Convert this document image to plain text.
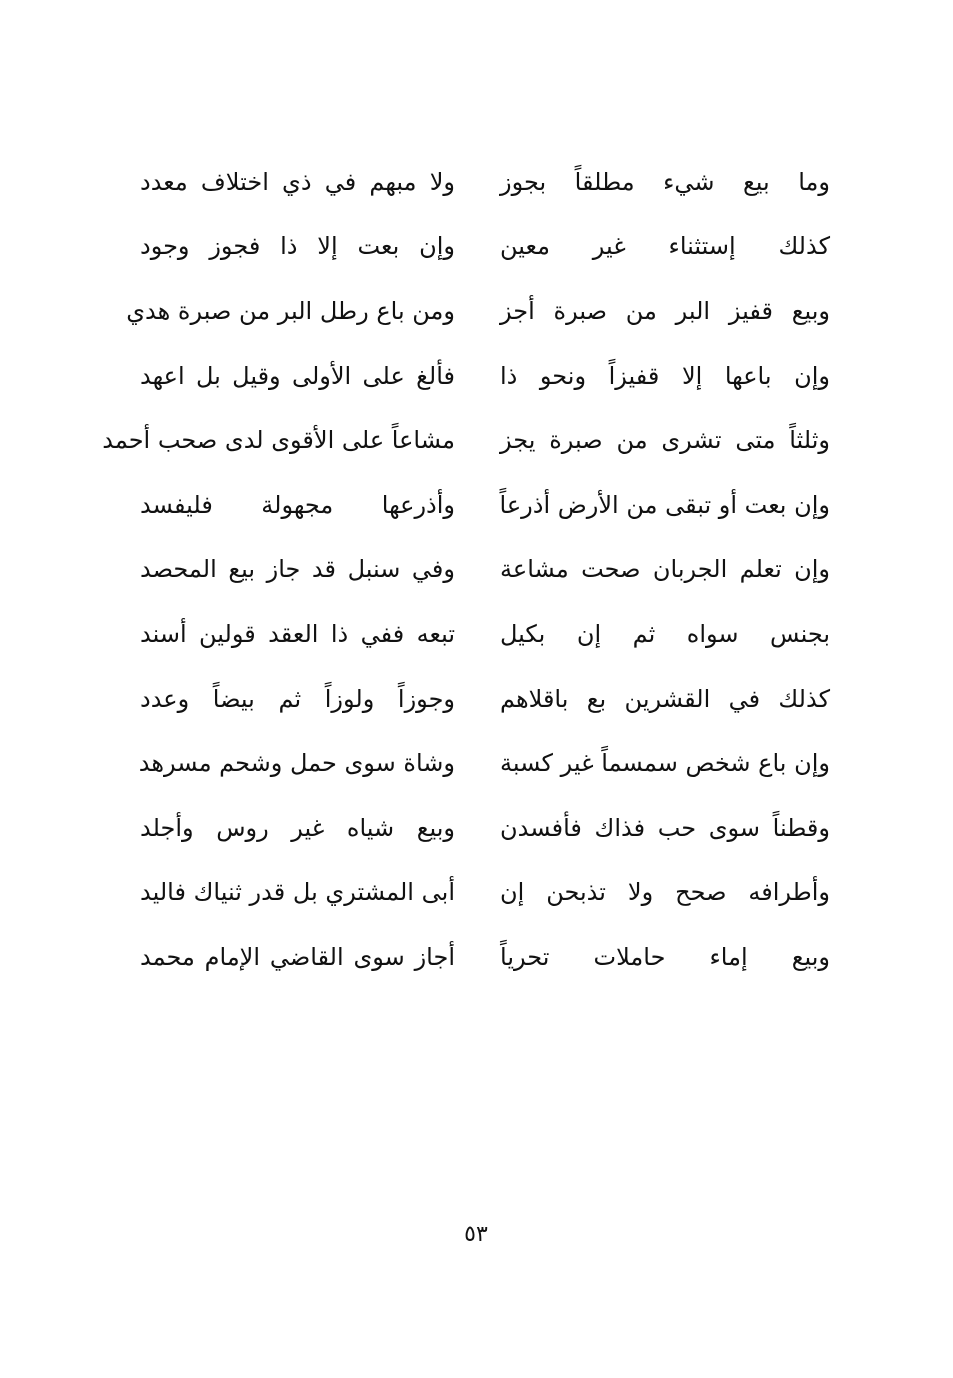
وما بيع شيء مطلقاً بجوز
ولا مبهم في ذي اختلاف معدد
كذلك إستثناء غير معين
وإن بعت إلا ذا فجوز وجود
وبيع قفيز البر من صبرة أجز
ومن باع رطل البر من صبرة هدي
وإن باعها إلا قفيزاً ونحو ذا
فألغ على الأولى وقيل بل اعهد
وثلثاً متى تشرى من صبرة يجز
مشاعاً على الأقوى لدى صحب أحمد
وإن بعت أو تبقى من الأرض أذرعاً
وأذرعها مجهولة فليفسد
وإن تعلم الجربان صحت مشاعة
وفي سنبل قد جاز بيع المحصد
بجنس سواه ثم إن بكيل
تبعه ففي ذا العقد قولين أسند
كذلك في القشرين بع باقلاهم
وجوزاً ولوزاً ثم بيضاً وعدد
وإن باع شخص سمسماً غير كسبة
وشاة سوى حمل وشحم مسرهد
وقطناً سوى حب فذاك فأفسدن
وبيع شياه غير روس وأجلد
وأطرافه صحح ولا تذبحن إن
أبى المشتري بل قدر ثنياك فاليد
وبيع إماء حاملات تحرياً
أجاز سوى القاضي الإمام محمد
٥٣
